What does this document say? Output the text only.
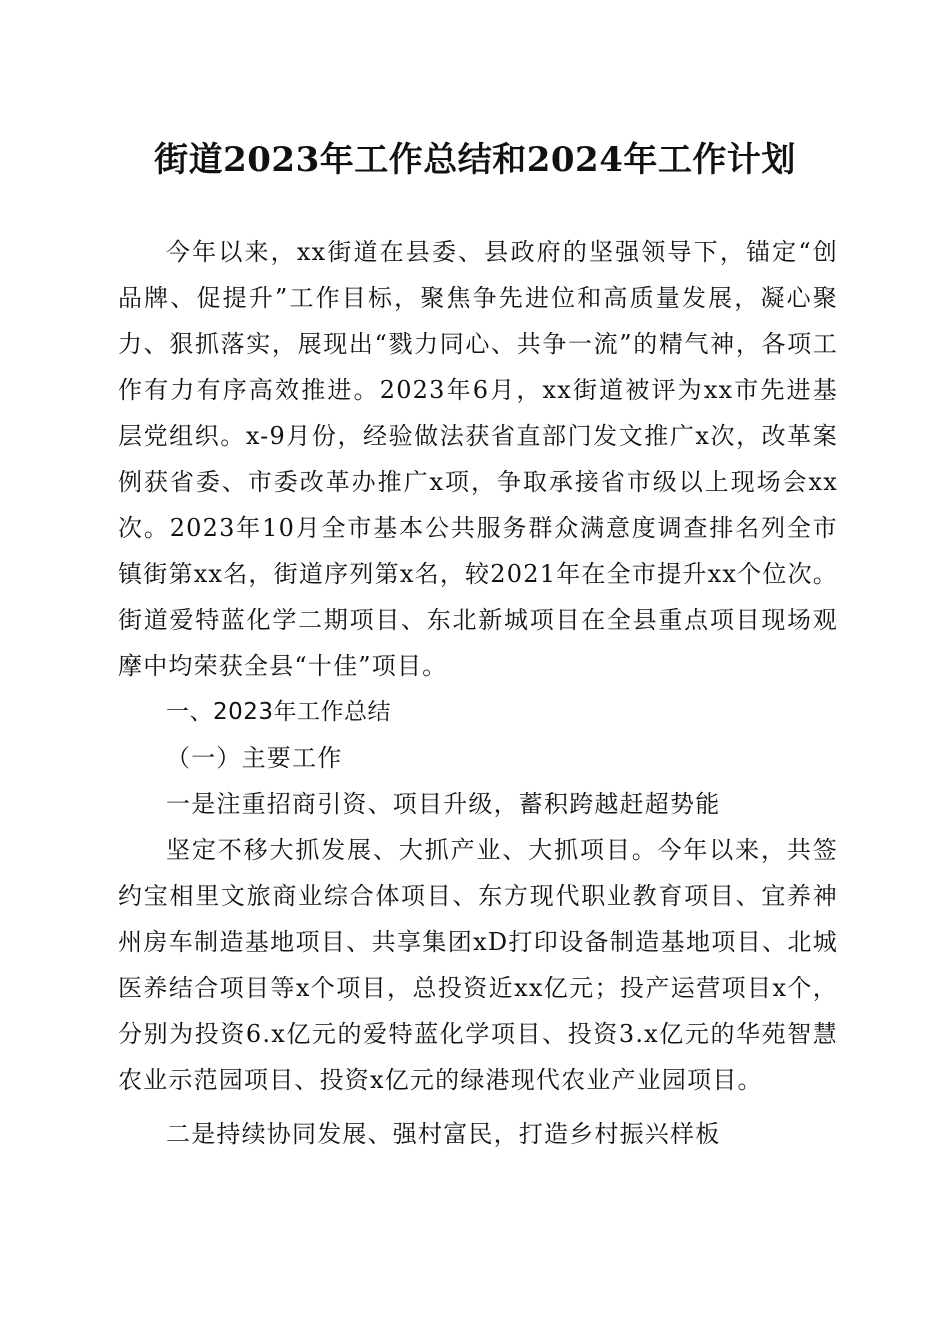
街道2023年工作总结和2024年工作计划

今年以来，xx街道在县委、县政府的坚强领导下，锚定“创品牌、促提升”工作目标，聚焦争先进位和高质量发展，凝心聚力、狠抓落实，展现出“戮力同心、共争一流”的精气神，各项工作有力有序高效推进。2023年6月，xx街道被评为xx市先进基层党组织。x-9月份，经验做法获省直部门发文推广x次，改革案例获省委、市委改革办推广x项，争取承接省市级以上现场会xx次。2023年10月全市基本公共服务群众满意度调查排名列全市镇街第xx名，街道序列第x名，较2021年在全市提升xx个位次。街道爱特蓝化学二期项目、东北新城项目在全县重点项目现场观摩中均荣获全县“十佳”项目。

一、2023年工作总结

（一）主要工作

一是注重招商引资、项目升级，蓄积跨越赶超势能

坚定不移大抓发展、大抓产业、大抓项目。今年以来，共签约宝相里文旅商业综合体项目、东方现代职业教育项目、宜养神州房车制造基地项目、共享集团xD打印设备制造基地项目、北城医养结合项目等x个项目，总投资近xx亿元；投产运营项目x个，分别为投资6.x亿元的爱特蓝化学项目、投资3.x亿元的华苑智慧农业示范园项目、投资x亿元的绿港现代农业产业园项目。

二是持续协同发展、强村富民，打造乡村振兴样板
